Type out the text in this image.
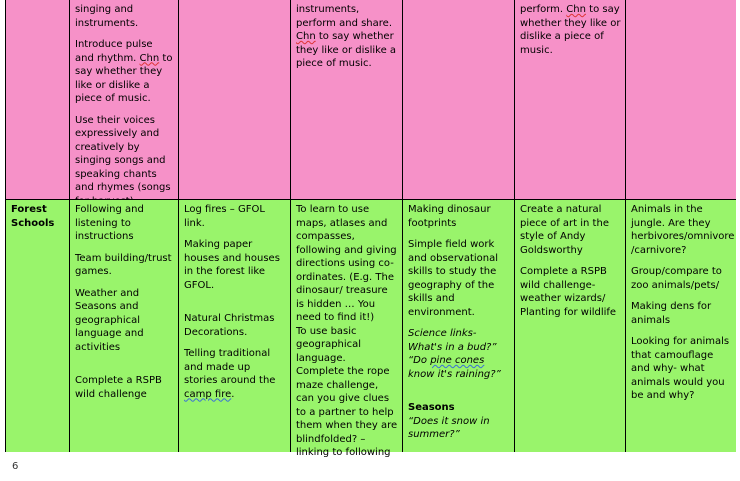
singing and instruments.
Introduce pulse and rhythm. Chn to say whether they like or dislike a piece of music.
Use their voices expressively and creatively by singing songs and speaking chants and rhymes (songs
instruments, perform and share.
Chn to say whether they like or dislike a piece of music.
perform. Chn to say whether they like or dislike a piece of music.
Forest Schools
Following and listening to instructions
Team building/trust games.
Weather and Seasons and geographical language and activities
Complete a RSPB wild challenge
Log fires – GFOL link.
Making paper houses and houses in the forest like GFOL.
Natural Christmas Decorations.
Telling traditional and made up stories around the camp fire.
To learn to use maps, atlases and compasses, following and giving directions using co-ordinates. (E.g. The dinosaur/ treasure is hidden … You need to find it!)
To use basic geographical language.
Complete the rope maze challenge, can you give clues to a partner to help them when they are blindfolded? –linking to following
Making dinosaur footprints
Simple field work and observational skills to study the geography of the skills and environment.
Science links- What's in a bud?”
“Do pine cones know it's raining?”
Seasons
“Does it snow in summer?”
Create a natural piece of art in the style of Andy Goldsworthy
Complete a RSPB wild challenge- weather wizards/
Planting for wildlife
Animals in the jungle. Are they herbivores/omnivore /carnivore?
Group/compare to zoo animals/pets/
Making dens for animals
Looking for animals that camouflage and why- what animals would you be and why?
6
